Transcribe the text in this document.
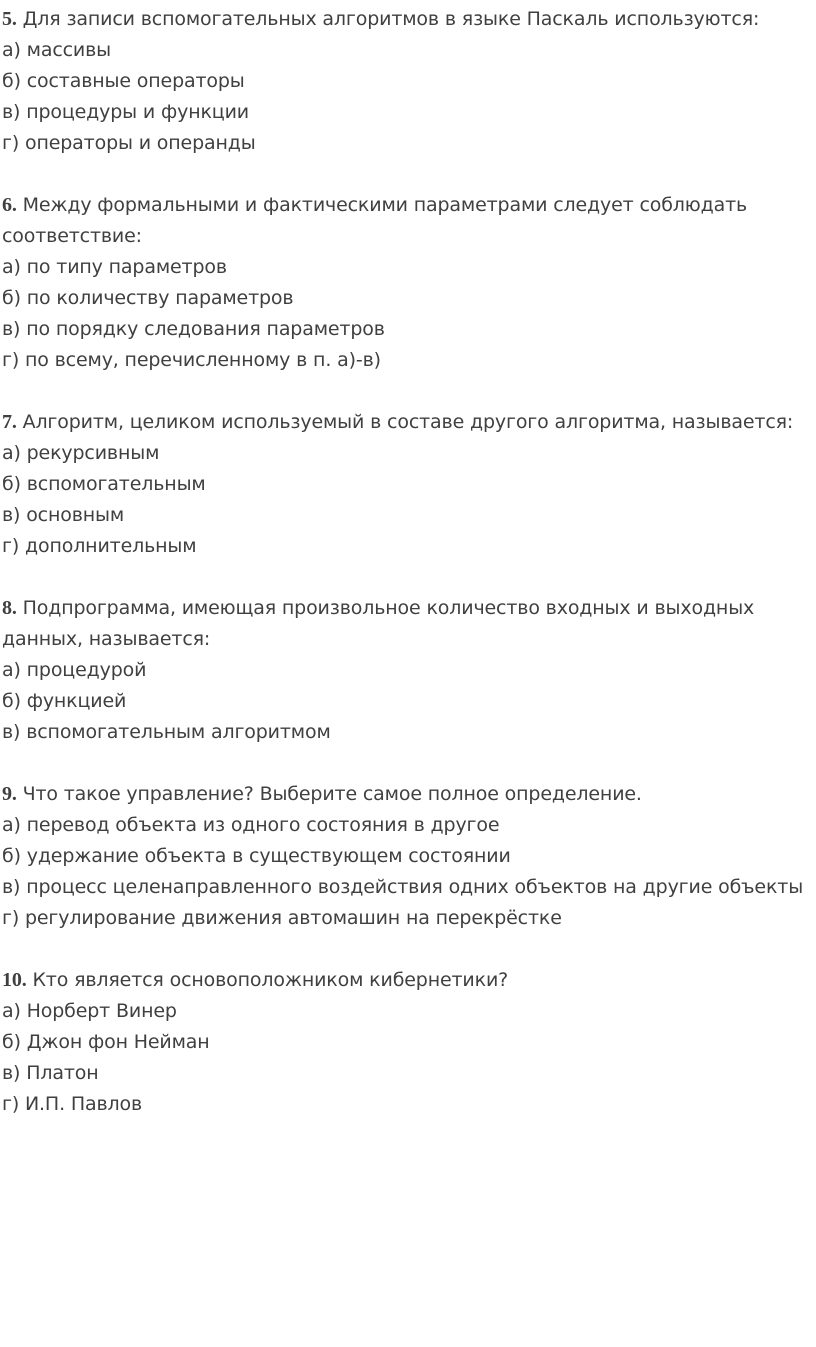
5. Для записи вспомогательных алгоритмов в языке Паскаль используются:
а) массивы
б) составные операторы
в) процедуры и функции
г) операторы и операнды
6. Между формальными и фактическими параметрами следует соблюдать соответствие:
а) по типу параметров
б) по количеству параметров
в) по порядку следования параметров
г) по всему, перечисленному в п. а)-в)
7. Алгоритм, целиком используемый в составе другого алгоритма, называется:
а) рекурсивным
б) вспомогательным
в) основным
г) дополнительным
8. Подпрограмма, имеющая произвольное количество входных и выходных данных, называется:
а) процедурой
б) функцией
в) вспомогательным алгоритмом
9. Что такое управление? Выберите самое полное определение.
а) перевод объекта из одного состояния в другое
б) удержание объекта в существующем состоянии
в) процесс целенаправленного воздействия одних объектов на другие объекты
г) регулирование движения автомашин на перекрёстке
10. Кто является основоположником кибернетики?
а) Норберт Винер
б) Джон фон Нейман
в) Платон
г) И.П. Павлов
